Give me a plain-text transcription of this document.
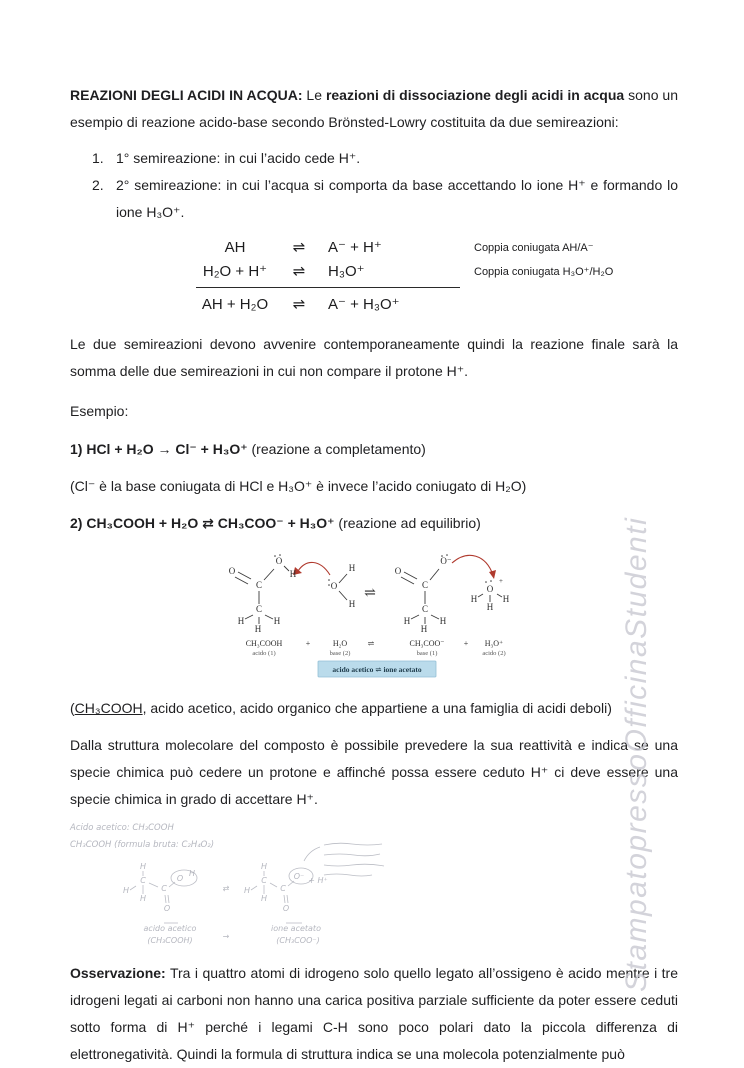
REAZIONI DEGLI ACIDI IN ACQUA: Le reazioni di dissociazione degli acidi in acqua sono un esempio di reazione acido-base secondo Brönsted-Lowry costituita da due semireazioni:

1. 1° semireazione: in cui l’acido cede H⁺.
2. 2° semireazione: in cui l’acqua si comporta da base accettando lo ione H⁺ e formando lo ione H₃O⁺.
AH	⇌	A⁻ + H⁺	Coppia coniugata AH/A⁻
H₂O + H⁺	⇌	H₃O⁺	Coppia coniugata H₃O⁺/H₂O
AH + H₂O	⇌	A⁻ + H₃O⁺

Le due semireazioni devono avvenire contemporaneamente quindi la reazione finale sarà la somma delle due semireazioni in cui non compare il protone H⁺.

Esempio:

1) HCl + H₂O → Cl⁻ + H₃O⁺ (reazione a completamento)

(Cl⁻ è la base coniugata di HCl e H₃O⁺ è invece l’acido coniugato di H₂O)

2) CH₃COOH + H₂O ⇄ CH₃COO⁻ + H₃O⁺ (reazione ad equilibrio)

acido acetico ⇌ ione acetato
O
O
H
C
C
H
H
H
O
H
H
⇌
O
O⁻
C
C
H
H
H
O
+
H
H
H
CH₃COOH	+	H₂O	⇌	CH₃COO⁻ + H₃O⁺
acido (1)	base (2)	base (1)	acido (2)

(CH₃COOH, acido acetico, acido organico che appartiene a una famiglia di acidi deboli)

Dalla struttura molecolare del composto è possibile prevedere la sua reattività e indica se una specie chimica può cedere un protone e affinché possa essere ceduto H⁺ ci deve essere una specie chimica in grado di accettare H⁺.

Acido acetico: CH₃COOH
CH₃COOH (formula bruta: C₂H₄O₂)
H
C
H
H
C
O
H
O
⇄
H
C
H
H
C
O⁻ + H⁺
O
acido acetico
(CH₃COOH)	→
ione acetato
(CH₃COO⁻)

Osservazione: Tra i quattro atomi di idrogeno solo quello legato all’ossigeno è acido mentre i tre idrogeni legati ai carboni non hanno una carica positiva parziale sufficiente da poter essere ceduti sotto forma di H⁺ perché i legami C-H sono poco polari dato la piccola differenza di elettronegatività. Quindi la formula di struttura indica se una molecola potenzialmente può

StampatopressoOfficinaStudenti
